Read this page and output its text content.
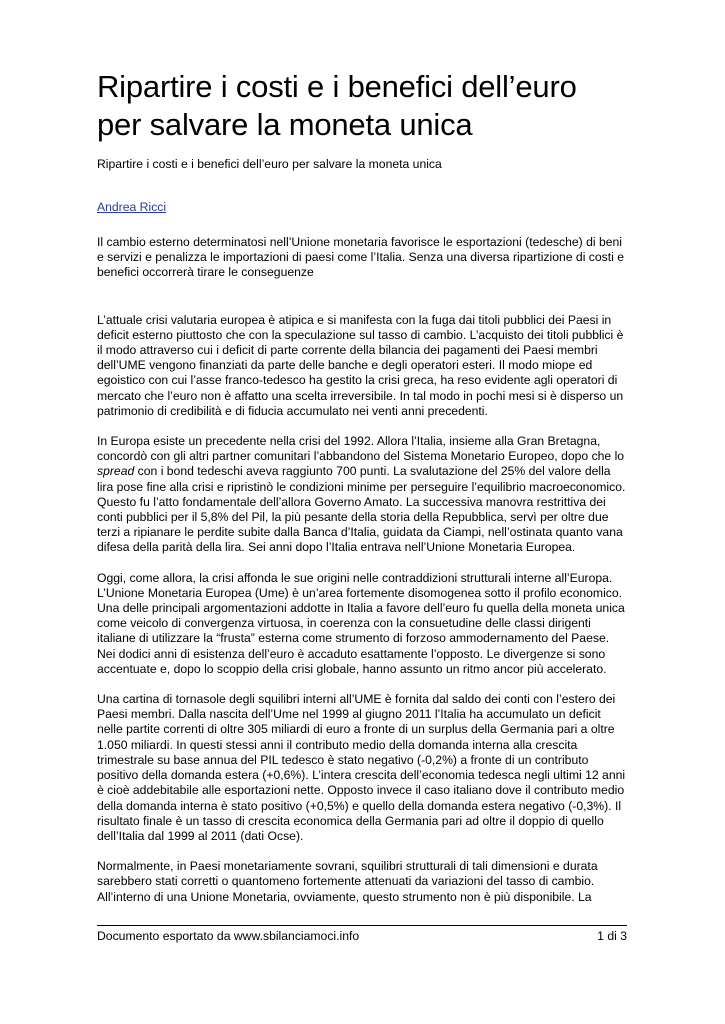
Ripartire i costi e i benefici dell’euro per salvare la moneta unica

Ripartire i costi e i benefici dell’euro per salvare la moneta unica

Andrea Ricci

Il cambio esterno determinatosi nell’Unione monetaria favorisce le esportazioni (tedesche) di beni e servizi e penalizza le importazioni di paesi come l’Italia. Senza una diversa ripartizione di costi e benefici occorrerà tirare le conseguenze

L’attuale crisi valutaria europea è atipica e si manifesta con la fuga dai titoli pubblici dei Paesi in deficit esterno piuttosto che con la speculazione sul tasso di cambio. L’acquisto dei titoli pubblici è il modo attraverso cui i deficit di parte corrente della bilancia dei pagamenti dei Paesi membri dell’UME vengono finanziati da parte delle banche e degli operatori esteri. Il modo miope ed egoistico con cui l’asse franco-tedesco ha gestito la crisi greca, ha reso evidente agli operatori di mercato che l’euro non è affatto una scelta irreversibile. In tal modo in pochi mesi si è disperso un patrimonio di credibilità e di fiducia accumulato nei venti anni precedenti.

In Europa esiste un precedente nella crisi del 1992. Allora l’Italia, insieme alla Gran Bretagna, concordò con gli altri partner comunitari l’abbandono del Sistema Monetario Europeo, dopo che lo
spread con i bond tedeschi aveva raggiunto 700 punti. La svalutazione del 25% del valore della lira pose fine alla crisi e ripristinò le condizioni minime per perseguire l’equilibrio macroeconomico. Questo fu l’atto fondamentale dell’allora Governo Amato. La successiva manovra restrittiva dei conti pubblici per il 5,8% del Pil, la più pesante della storia della Repubblica, servì per oltre due terzi a ripianare le perdite subite dalla Banca d’Italia, guidata da Ciampi, nell’ostinata quanto vana difesa della parità della lira. Sei anni dopo l’Italia entrava nell’Unione Monetaria Europea.

Oggi, come allora, la crisi affonda le sue origini nelle contraddizioni strutturali interne all’Europa. L’Unione Monetaria Europea (Ume) è un’area fortemente disomogenea sotto il profilo economico. Una delle principali argomentazioni addotte in Italia a favore dell’euro fu quella della moneta unica come veicolo di convergenza virtuosa, in coerenza con la consuetudine delle classi dirigenti italiane di utilizzare la “frusta” esterna come strumento di forzoso ammodernamento del Paese. Nei dodici anni di esistenza dell’euro è accaduto esattamente l’opposto. Le divergenze si sono accentuate e, dopo lo scoppio della crisi globale, hanno assunto un ritmo ancor più accelerato.

Una cartina di tornasole degli squilibri interni all’UME è fornita dal saldo dei conti con l’estero dei Paesi membri. Dalla nascita dell’Ume nel 1999 al giugno 2011 l’Italia ha accumulato un deficit nelle partite correnti di oltre 305 miliardi di euro a fronte di un surplus della Germania pari a oltre 1.050 miliardi. In questi stessi anni il contributo medio della domanda interna alla crescita trimestrale su base annua del PIL tedesco è stato negativo (-0,2%) a fronte di un contributo positivo della domanda estera (+0,6%). L’intera crescita dell’economia tedesca negli ultimi 12 anni è cioè addebitabile alle esportazioni nette. Opposto invece il caso italiano dove il contributo medio della domanda interna è stato positivo (+0,5%) e quello della domanda estera negativo (-0,3%). Il risultato finale è un tasso di crescita economica della Germania pari ad oltre il doppio di quello dell’Italia dal 1999 al 2011 (dati Ocse).

Normalmente, in Paesi monetariamente sovrani, squilibri strutturali di tali dimensioni e durata sarebbero stati corretti o quantomeno fortemente attenuati da variazioni del tasso di cambio. All’interno di una Unione Monetaria, ovviamente, questo strumento non è più disponibile. La

Documento esportato da www.sbilanciamoci.info	1 di 3
